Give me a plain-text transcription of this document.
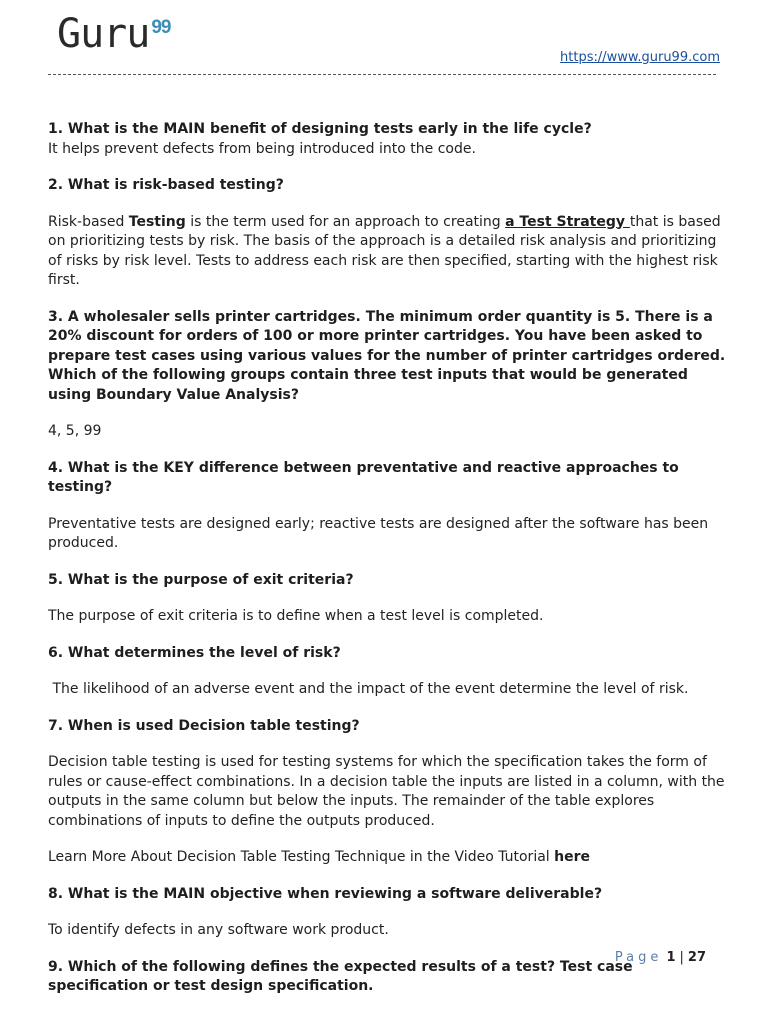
Guru $^{99}$
https://www.guru99.com

1. What is the MAIN benefit of designing tests early in the life cycle?

It helps prevent defects from being introduced into the code.

2. What is risk-based testing?

Risk-based Testing is the term used for an approach to creating a Test Strategy that is based on prioritizing tests by risk. The basis of the approach is a detailed risk analysis and prioritizing of risks by risk level. Tests to address each risk are then specified, starting with the highest risk first.

3. A wholesaler sells printer cartridges. The minimum order quantity is 5. There is a 20% discount for orders of 100 or more printer cartridges. You have been asked to prepare test cases using various values for the number of printer cartridges ordered. Which of the following groups contain three test inputs that would be generated using Boundary Value Analysis?

4, 5, 99

4. What is the KEY difference between preventative and reactive approaches to testing?

Preventative tests are designed early; reactive tests are designed after the software has been produced.

5. What is the purpose of exit criteria?

The purpose of exit criteria is to define when a test level is completed.

6. What determines the level of risk?

The likelihood of an adverse event and the impact of the event determine the level of risk.

7. When is used Decision table testing?

Decision table testing is used for testing systems for which the specification takes the form of rules or cause-effect combinations. In a decision table the inputs are listed in a column, with the outputs in the same column but below the inputs. The remainder of the table explores combinations of inputs to define the outputs produced.

Learn More About Decision Table Testing Technique in the Video Tutorial here

8. What is the MAIN objective when reviewing a software deliverable?

To identify defects in any software work product.

9. Which of the following defines the expected results of a test? Test case specification or test design specification.

Page 1 | 27
